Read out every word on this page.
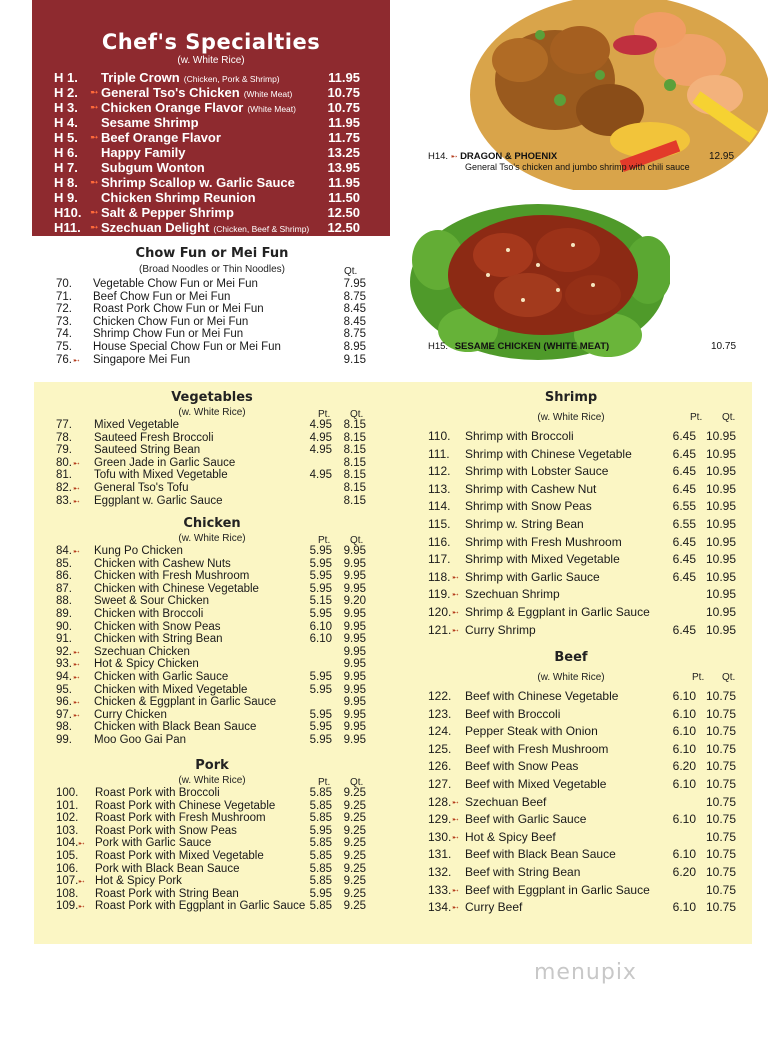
Chef's Specialties
(w. White Rice)
H 1.	Triple Crown (Chicken, Pork & Shrimp)	11.95
H 2.	➸ General Tso's Chicken (White Meat)	10.75
H 3.	➸ Chicken Orange Flavor (White Meat) 10.75
H 4.	Sesame Shrimp	11.95
H 5.	➸ Beef Orange Flavor	11.75
H 6.	Happy Family	13.25
H 7.	Subgum Wonton	13.95
H 8.	➸ Shrimp Scallop w. Garlic Sauce	11.95
H 9.	Chicken Shrimp Reunion	11.50
H10. ➸ Salt & Pepper Shrimp	12.50
H11.	➸ Szechuan Delight (Chicken, Beef & Shrimp) 12.50
Chow Fun or Mei Fun
(Broad Noodles or Thin Noodles)	Qt.
70. Vegetable Chow Fun or Mei Fun	7.95
71. Beef Chow Fun or Mei Fun	8.75
72. Roast Pork Chow Fun or Mei Fun	8.45
73. Chicken Chow Fun or Mei Fun	8.45
74. Shrimp Chow Fun or Mei Fun	8.75
75. House Special Chow Fun or Mei Fun	8.95
76. ➸ Singapore Mei Fun	9.15
H14. ➸ DRAGON & PHOENIX
General Tso's chicken and jumbo shrimp with chili sauce
12.95
H15. SESAME CHICKEN (WHITE MEAT)	10.75
Vegetables
(w. White Rice)	Pt. Qt.
77. Mixed Vegetable	4.95 8.15
78. Sauteed Fresh Broccoli	4.95 8.15
79. Sauteed String Bean	4.95 8.15
80. ➸ Green Jade in Garlic Sauce	8.15
81. Tofu with Mixed Vegetable	4.95 8.15
82. ➸ General Tso's Tofu	8.15
83. ➸ Eggplant w. Garlic Sauce	8.15
Chicken
(w. White Rice)	Pt. Qt.
84. ➸ Kung Po Chicken	5.95 9.95
85. Chicken with Cashew Nuts	5.95 9.95
86. Chicken with Fresh Mushroom	5.95 9.95
87. Chicken with Chinese Vegetable	5.95 9.95
88. Sweet & Sour Chicken	5.15 9.20
89. Chicken with Broccoli	5.95 9.95
90. Chicken with Snow Peas	6.10 9.95
91. Chicken with String Bean	6.10 9.95
92. ➸ Szechuan Chicken	9.95
93. ➸ Hot & Spicy Chicken	9.95
94. ➸ Chicken with Garlic Sauce	5.95 9.95
95. Chicken with Mixed Vegetable	5.95 9.95
96. ➸ Chicken & Eggplant in Garlic Sauce	9.95
97. ➸ Curry Chicken	5.95 9.95
98. Chicken with Black Bean Sauce	5.95 9.95
99. Moo Goo Gai Pan	5.95 9.95
Pork
(w. White Rice)	Pt. Qt.
100. Roast Pork with Broccoli	5.85 9.25
101. Roast Pork with Chinese Vegetable	5.85 9.25
102. Roast Pork with Fresh Mushroom	5.85 9.25
103. Roast Pork with Snow Peas	5.95 9.25
104. ➸ Pork with Garlic Sauce	5.85 9.25
105. Roast Pork with Mixed Vegetable	5.85 9.25
106. Pork with Black Bean Sauce	5.85 9.25
107. ➸ Hot & Spicy Pork	5.85 9.25
108. Roast Pork with String Bean	5.95 9.25
109. ➸ Roast Pork with Eggplant in Garlic Sauce 5.85 9.25
Shrimp
(w. White Rice)	Pt. Qt.
110. Shrimp with Broccoli	6.45 10.95
111. Shrimp with Chinese Vegetable	6.45 10.95
112. Shrimp with Lobster Sauce	6.45 10.95
113. Shrimp with Cashew Nut	6.45 10.95
114. Shrimp with Snow Peas	6.55 10.95
115. Shrimp w. String Bean	6.55 10.95
116. Shrimp with Fresh Mushroom	6.45 10.95
117. Shrimp with Mixed Vegetable	6.45 10.95
118. ➸ Shrimp with Garlic Sauce	6.45 10.95
119. ➸ Szechuan Shrimp	10.95
120. ➸ Shrimp & Eggplant in Garlic Sauce	10.95
121. ➸ Curry Shrimp	6.45 10.95
Beef
(w. White Rice)	Pt. Qt.
122. Beef with Chinese Vegetable	6.10 10.75
123. Beef with Broccoli	6.10 10.75
124. Pepper Steak with Onion	6.10 10.75
125. Beef with Fresh Mushroom	6.10 10.75
126. Beef with Snow Peas	6.20 10.75
127. Beef with Mixed Vegetable	6.10 10.75
128. ➸ Szechuan Beef	10.75
129. ➸ Beef with Garlic Sauce	6.10 10.75
130. ➸ Hot & Spicy Beef	10.75
131. Beef with Black Bean Sauce	6.10 10.75
132. Beef with String Bean	6.20 10.75
133. ➸ Beef with Eggplant in Garlic Sauce	10.75
134. ➸ Curry Beef	6.10 10.75
menupix
